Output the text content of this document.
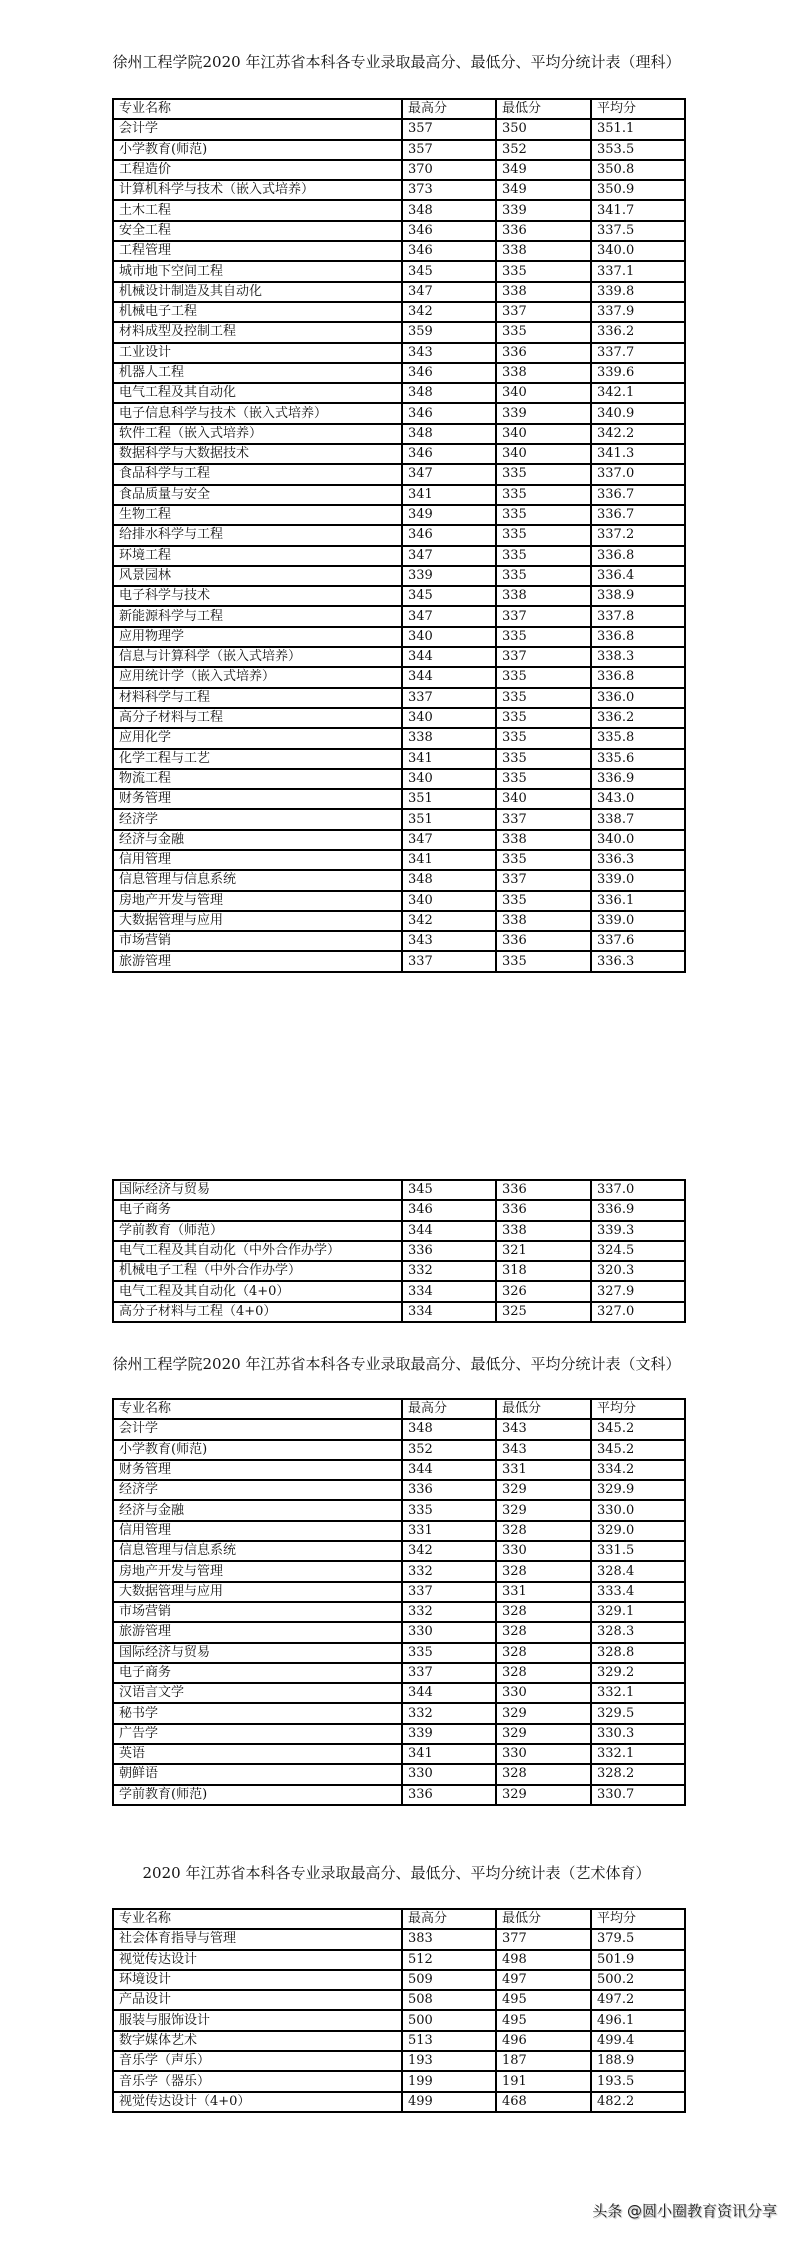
徐州工程学院2020 年江苏省本科各专业录取最高分、最低分、平均分统计表（理科）
专业名称	最高分	最低分	平均分
会计学	357	350	351.1
小学教育(师范)	357	352	353.5
工程造价	370	349	350.8
计算机科学与技术（嵌入式培养）	373	349	350.9
土木工程	348	339	341.7
安全工程	346	336	337.5
工程管理	346	338	340.0
城市地下空间工程	345	335	337.1
机械设计制造及其自动化	347	338	339.8
机械电子工程	342	337	337.9
材料成型及控制工程	359	335	336.2
工业设计	343	336	337.7
机器人工程	346	338	339.6
电气工程及其自动化	348	340	342.1
电子信息科学与技术（嵌入式培养）	346	339	340.9
软件工程（嵌入式培养）	348	340	342.2
数据科学与大数据技术	346	340	341.3
食品科学与工程	347	335	337.0
食品质量与安全	341	335	336.7
生物工程	349	335	336.7
给排水科学与工程	346	335	337.2
环境工程	347	335	336.8
风景园林	339	335	336.4
电子科学与技术	345	338	338.9
新能源科学与工程	347	337	337.8
应用物理学	340	335	336.8
信息与计算科学（嵌入式培养）	344	337	338.3
应用统计学（嵌入式培养）	344	335	336.8
材料科学与工程	337	335	336.0
高分子材料与工程	340	335	336.2
应用化学	338	335	335.8
化学工程与工艺	341	335	335.6
物流工程	340	335	336.9
财务管理	351	340	343.0
经济学	351	337	338.7
经济与金融	347	338	340.0
信用管理	341	335	336.3
信息管理与信息系统	348	337	339.0
房地产开发与管理	340	335	336.1
大数据管理与应用	342	338	339.0
市场营销	343	336	337.6
旅游管理	337	335	336.3
国际经济与贸易	345	336	337.0
电子商务	346	336	336.9
学前教育（师范）	344	338	339.3
电气工程及其自动化（中外合作办学）	336	321	324.5
机械电子工程（中外合作办学）	332	318	320.3
电气工程及其自动化（4+0）	334	326	327.9
高分子材料与工程（4+0）	334	325	327.0
徐州工程学院2020 年江苏省本科各专业录取最高分、最低分、平均分统计表（文科）
专业名称	最高分	最低分	平均分
会计学	348	343	345.2
小学教育(师范)	352	343	345.2
财务管理	344	331	334.2
经济学	336	329	329.9
经济与金融	335	329	330.0
信用管理	331	328	329.0
信息管理与信息系统	342	330	331.5
房地产开发与管理	332	328	328.4
大数据管理与应用	337	331	333.4
市场营销	332	328	329.1
旅游管理	330	328	328.3
国际经济与贸易	335	328	328.8
电子商务	337	328	329.2
汉语言文学	344	330	332.1
秘书学	332	329	329.5
广告学	339	329	330.3
英语	341	330	332.1
朝鲜语	330	328	328.2
学前教育(师范)	336	329	330.7
2020 年江苏省本科各专业录取最高分、最低分、平均分统计表（艺术体育）
专业名称	最高分	最低分	平均分
社会体育指导与管理	383	377	379.5
视觉传达设计	512	498	501.9
环境设计	509	497	500.2
产品设计	508	495	497.2
服装与服饰设计	500	495	496.1
数字媒体艺术	513	496	499.4
音乐学（声乐）	193	187	188.9
音乐学（器乐）	199	191	193.5
视觉传达设计（4+0）	499	468	482.2
头条 @圆小圈教育资讯分享
